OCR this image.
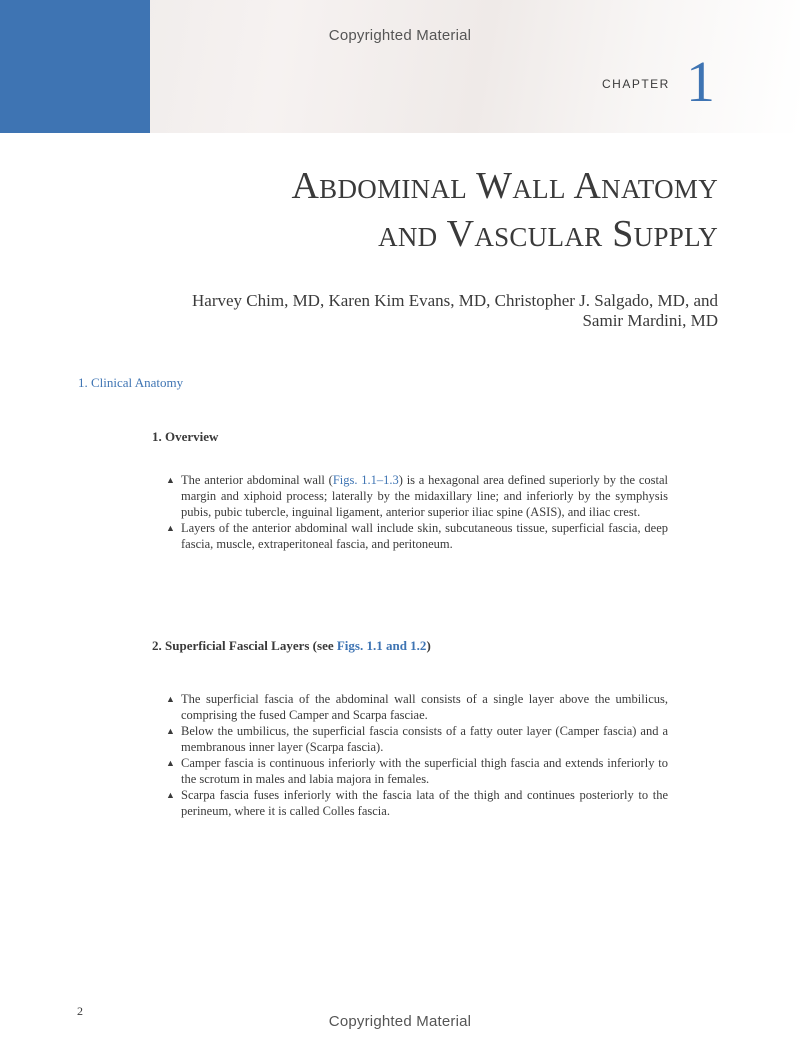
Copyrighted Material
CHAPTER 1
Abdominal Wall Anatomy
and Vascular Supply
Harvey Chim, MD, Karen Kim Evans, MD, Christopher J. Salgado, MD, and
Samir Mardini, MD
1. Clinical Anatomy
1. Overview
▲ The anterior abdominal wall (Figs. 1.1–1.3) is a hexagonal area defined superiorly by the costal margin and xiphoid process; laterally by the midaxillary line; and inferiorly by the symphysis pubis, pubic tubercle, inguinal ligament, anterior superior iliac spine (ASIS), and iliac crest.
▲ Layers of the anterior abdominal wall include skin, subcutaneous tissue, superficial fascia, deep fascia, muscle, extraperitoneal fascia, and peritoneum.
2. Superficial Fascial Layers (see Figs. 1.1 and 1.2)
▲ The superficial fascia of the abdominal wall consists of a single layer above the umbilicus, comprising the fused Camper and Scarpa fasciae.
▲ Below the umbilicus, the superficial fascia consists of a fatty outer layer (Camper fascia) and a membranous inner layer (Scarpa fascia).
▲ Camper fascia is continuous inferiorly with the superficial thigh fascia and extends inferiorly to the scrotum in males and labia majora in females.
▲ Scarpa fascia fuses inferiorly with the fascia lata of the thigh and continues posteriorly to the perineum, where it is called Colles fascia.
2
Copyrighted Material
